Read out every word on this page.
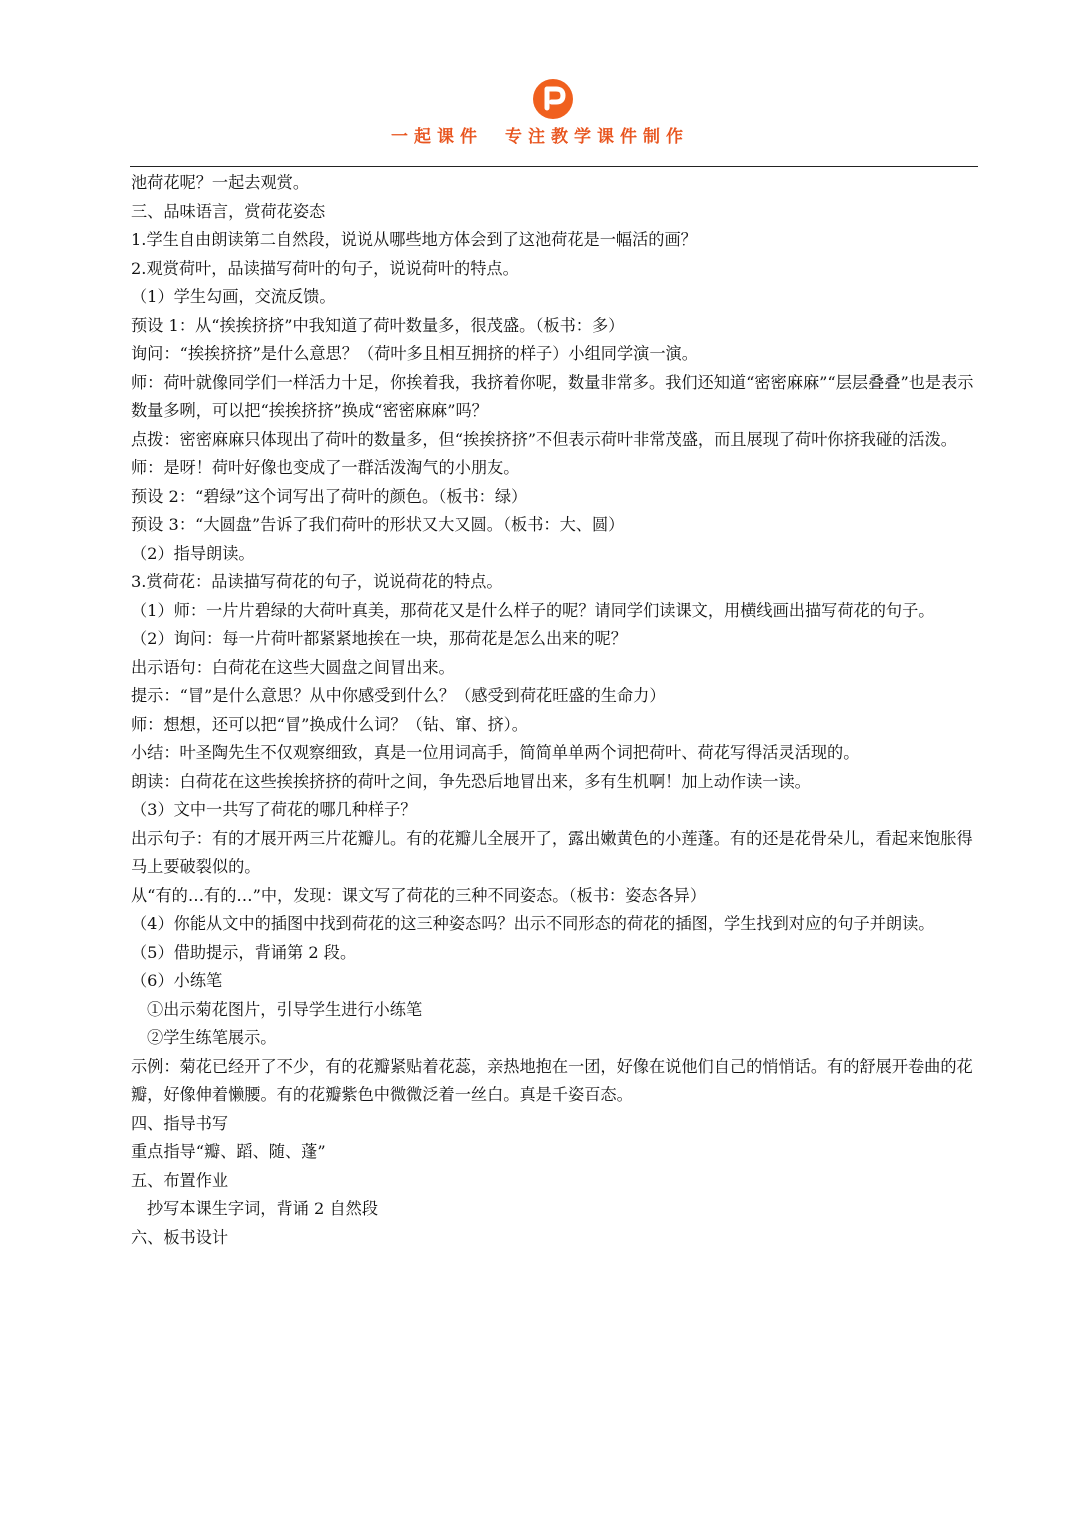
一起课件 专注教学课件制作

池荷花呢？一起去观赏。

三、品味语言，赏荷花姿态

1.学生自由朗读第二自然段，说说从哪些地方体会到了这池荷花是一幅活的画？

2.观赏荷叶，品读描写荷叶的句子，说说荷叶的特点。

（1）学生勾画，交流反馈。

预设 1：从“挨挨挤挤”中我知道了荷叶数量多，很茂盛。（板书：多）

询问：“挨挨挤挤”是什么意思？（荷叶多且相互拥挤的样子）小组同学演一演。

师：荷叶就像同学们一样活力十足，你挨着我，我挤着你呢，数量非常多。我们还知道“密密麻麻”“层层叠叠”也是表示数量多咧，可以把“挨挨挤挤”换成“密密麻麻”吗？

点拨：密密麻麻只体现出了荷叶的数量多，但“挨挨挤挤”不但表示荷叶非常茂盛，而且展现了荷叶你挤我碰的活泼。

师：是呀！荷叶好像也变成了一群活泼淘气的小朋友。

预设 2：“碧绿”这个词写出了荷叶的颜色。（板书：绿）

预设 3：“大圆盘”告诉了我们荷叶的形状又大又圆。（板书：大、圆）

（2）指导朗读。

3.赏荷花：品读描写荷花的句子，说说荷花的特点。

（1）师：一片片碧绿的大荷叶真美，那荷花又是什么样子的呢？请同学们读课文，用横线画出描写荷花的句子。

（2）询问：每一片荷叶都紧紧地挨在一块，那荷花是怎么出来的呢？

出示语句：白荷花在这些大圆盘之间冒出来。

提示：“冒”是什么意思？从中你感受到什么？（感受到荷花旺盛的生命力）

师：想想，还可以把“冒”换成什么词？（钻、窜、挤）。

小结：叶圣陶先生不仅观察细致，真是一位用词高手，简简单单两个词把荷叶、荷花写得活灵活现的。

朗读：白荷花在这些挨挨挤挤的荷叶之间，争先恐后地冒出来，多有生机啊！加上动作读一读。

（3）文中一共写了荷花的哪几种样子？

出示句子：有的才展开两三片花瓣儿。有的花瓣儿全展开了，露出嫩黄色的小莲蓬。有的还是花骨朵儿，看起来饱胀得马上要破裂似的。

从“有的…有的…”中，发现：课文写了荷花的三种不同姿态。（板书：姿态各异）

（4）你能从文中的插图中找到荷花的这三种姿态吗？出示不同形态的荷花的插图，学生找到对应的句子并朗读。

（5）借助提示，背诵第 2 段。

（6）小练笔

①出示菊花图片，引导学生进行小练笔

②学生练笔展示。

示例：菊花已经开了不少，有的花瓣紧贴着花蕊，亲热地抱在一团，好像在说他们自己的悄悄话。有的舒展开卷曲的花瓣，好像伸着懒腰。有的花瓣紫色中微微泛着一丝白。真是千姿百态。

四、指导书写

重点指导“瓣、蹈、随、蓬”

五、布置作业

抄写本课生字词，背诵 2 自然段

六、板书设计
